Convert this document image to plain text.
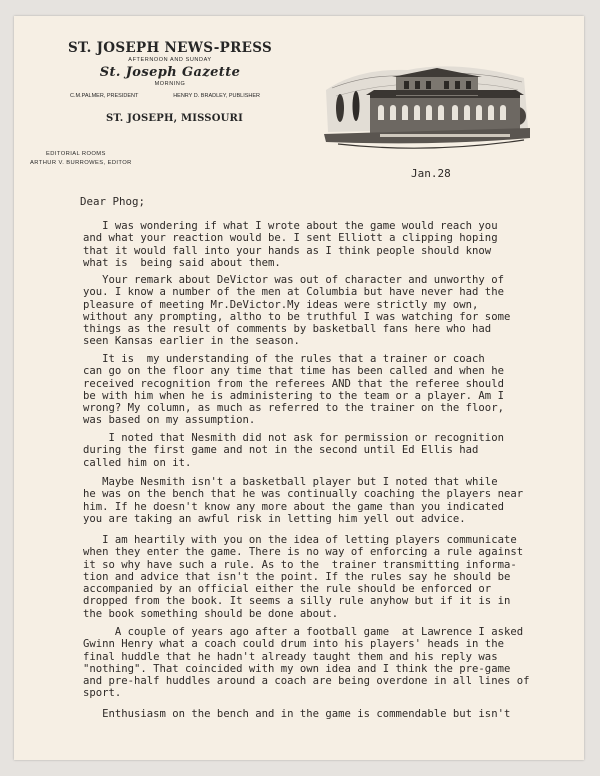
ST. JOSEPH NEWS-PRESS
AFTERNOON AND SUNDAY
St. Joseph Gazette
MORNING
C.M.PALMER, PRESIDENT	HENRY D. BRADLEY, PUBLISHER
ST. JOSEPH, MISSOURI
EDITORIAL ROOMS
ARTHUR V. BURROWES, EDITOR
Jan.28
Dear Phog;
I was wondering if what I wrote about the game would reach you
and what your reaction would be. I sent Elliott a clipping hoping
that it would fall into your hands as I think people should know
what is  being said about them.
Your remark about DeVictor was out of character and unworthy of
you. I know a number of the men at Columbia but have never had the
pleasure of meeting Mr.DeVictor.My ideas were strictly my own,
without any prompting, altho to be truthful I was watching for some
things as the result of comments by basketball fans here who had
seen Kansas earlier in the season.
It is  my understanding of the rules that a trainer or coach
can go on the floor any time that time has been called and when he
received recognition from the referees AND that the referee should
be with him when he is administering to the team or a player. Am I
wrong? My column, as much as referred to the trainer on the floor,
was based on my assumption.
I noted that Nesmith did not ask for permission or recognition
during the first game and not in the second until Ed Ellis had
called him on it.
Maybe Nesmith isn't a basketball player but I noted that while
he was on the bench that he was continually coaching the players near
him. If he doesn't know any more about the game than you indicated
you are taking an awful risk in letting him yell out advice.
I am heartily with you on the idea of letting players communicate
when they enter the game. There is no way of enforcing a rule against
it so why have such a rule. As to the  trainer transmitting informa-
tion and advice that isn't the point. If the rules say he should be
accompanied by an official either the rule should be enforced or
dropped from the book. It seems a silly rule anyhow but if it is in
the book something should be done about.
A couple of years ago after a football game  at Lawrence I asked
Gwinn Henry what a coach could drum into his players' heads in the
final huddle that he hadn't already taught them and his reply was
"nothing". That coincided with my own idea and I think the pre-game
and pre-half huddles around a coach are being overdone in all lines of
sport.
Enthusiasm on the bench and in the game is commendable but isn't
